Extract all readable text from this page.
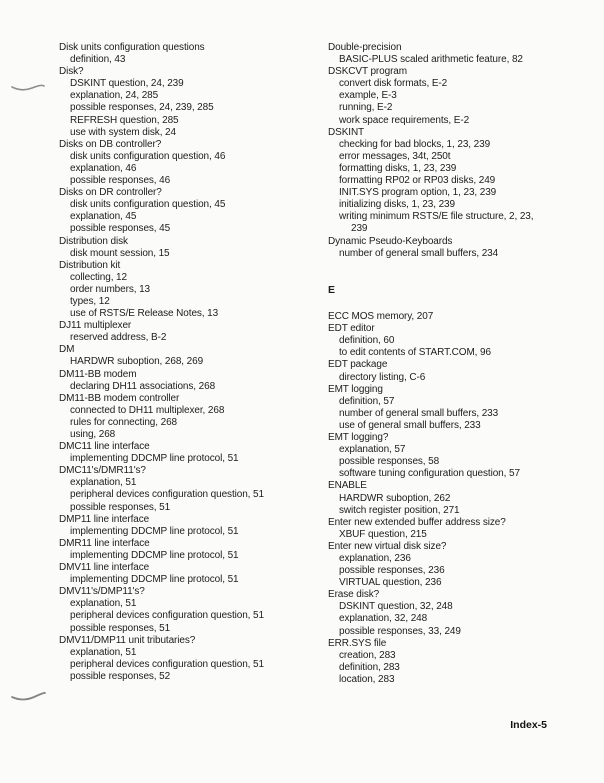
Disk units configuration questions
definition, 43
Disk?
DSKINT question, 24, 239
explanation, 24, 285
possible responses, 24, 239, 285
REFRESH question, 285
use with system disk, 24
Disks on DB controller?
disk units configuration question, 46
explanation, 46
possible responses, 46
Disks on DR controller?
disk units configuration question, 45
explanation, 45
possible responses, 45
Distribution disk
disk mount session, 15
Distribution kit
collecting, 12
order numbers, 13
types, 12
use of RSTS/E Release Notes, 13
DJ11 multiplexer
reserved address, B-2
DM
HARDWR suboption, 268, 269
DM11-BB modem
declaring DH11 associations, 268
DM11-BB modem controller
connected to DH11 multiplexer, 268
rules for connecting, 268
using, 268
DMC11 line interface
implementing DDCMP line protocol, 51
DMC11's/DMR11's?
explanation, 51
peripheral devices configuration question, 51
possible responses, 51
DMP11 line interface
implementing DDCMP line protocol, 51
DMR11 line interface
implementing DDCMP line protocol, 51
DMV11 line interface
implementing DDCMP line protocol, 51
DMV11's/DMP11's?
explanation, 51
peripheral devices configuration question, 51
possible responses, 51
DMV11/DMP11 unit tributaries?
explanation, 51
peripheral devices configuration question, 51
possible responses, 52
Double-precision
BASIC-PLUS scaled arithmetic feature, 82
DSKCVT program
convert disk formats, E-2
example, E-3
running, E-2
work space requirements, E-2
DSKINT
checking for bad blocks, 1, 23, 239
error messages, 34t, 250t
formatting disks, 1, 23, 239
formatting RP02 or RP03 disks, 249
INIT.SYS program option, 1, 23, 239
initializing disks, 1, 23, 239
writing minimum RSTS/E file structure, 2, 23,
239
Dynamic Pseudo-Keyboards
number of general small buffers, 234
E
ECC MOS memory, 207
EDT editor
definition, 60
to edit contents of START.COM, 96
EDT package
directory listing, C-6
EMT logging
definition, 57
number of general small buffers, 233
use of general small buffers, 233
EMT logging?
explanation, 57
possible responses, 58
software tuning configuration question, 57
ENABLE
HARDWR suboption, 262
switch register position, 271
Enter new extended buffer address size?
XBUF question, 215
Enter new virtual disk size?
explanation, 236
possible responses, 236
VIRTUAL question, 236
Erase disk?
DSKINT question, 32, 248
explanation, 32, 248
possible responses, 33, 249
ERR.SYS file
creation, 283
definition, 283
location, 283
Index-5
